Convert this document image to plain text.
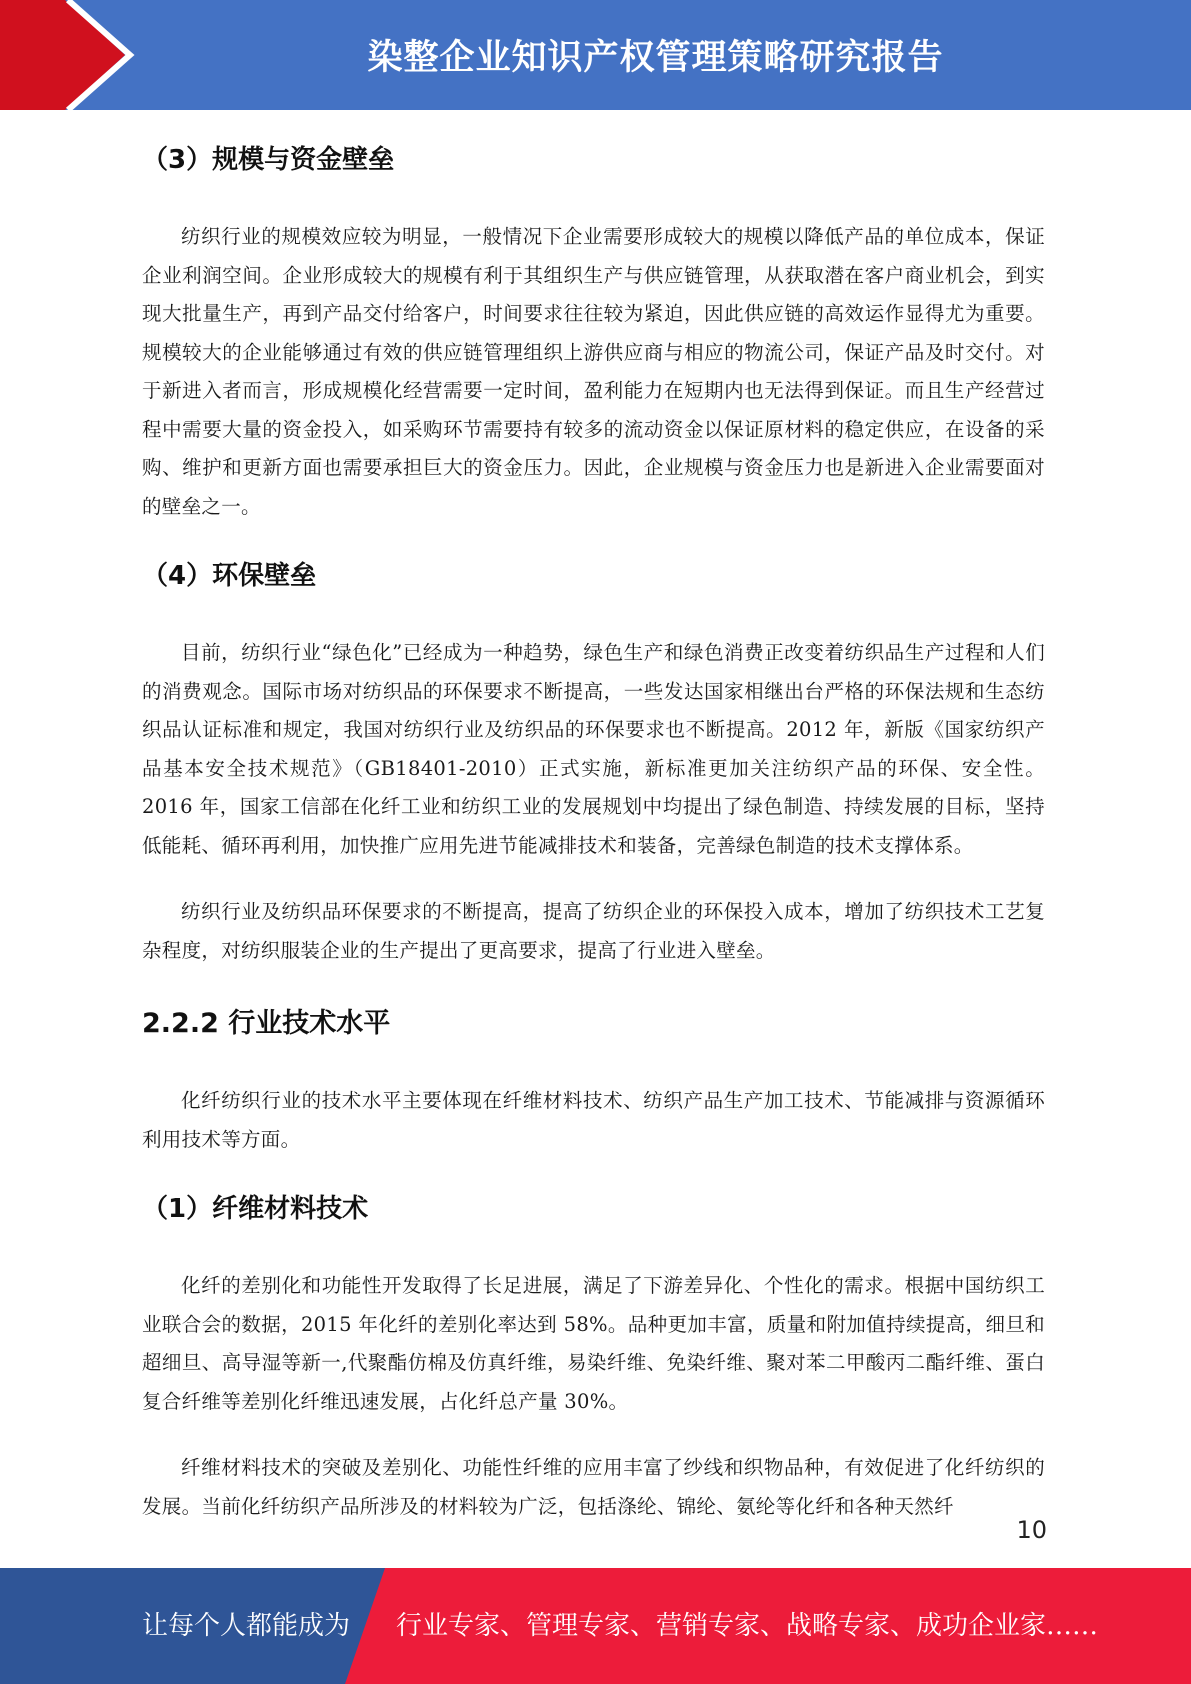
染整企业知识产权管理策略研究报告
（3）规模与资金壁垒

纺织行业的规模效应较为明显，一般情况下企业需要形成较大的规模以降低产品的单位成本，保证企业利润空间。企业形成较大的规模有利于其组织生产与供应链管理，从获取潜在客户商业机会，到实现大批量生产，再到产品交付给客户，时间要求往往较为紧迫，因此供应链的高效运作显得尤为重要。规模较大的企业能够通过有效的供应链管理组织上游供应商与相应的物流公司，保证产品及时交付。对于新进入者而言，形成规模化经营需要一定时间，盈利能力在短期内也无法得到保证。而且生产经营过程中需要大量的资金投入，如采购环节需要持有较多的流动资金以保证原材料的稳定供应，在设备的采购、维护和更新方面也需要承担巨大的资金压力。因此，企业规模与资金压力也是新进入企业需要面对的壁垒之一。

（4）环保壁垒

目前，纺织行业“绿色化”已经成为一种趋势，绿色生产和绿色消费正改变着纺织品生产过程和人们的消费观念。国际市场对纺织品的环保要求不断提高，一些发达国家相继出台严格的环保法规和生态纺织品认证标准和规定，我国对纺织行业及纺织品的环保要求也不断提高。2012 年，新版《国家纺织产品基本安全技术规范》（GB18401-2010）正式实施，新标准更加关注纺织产品的环保、安全性。2016 年，国家工信部在化纤工业和纺织工业的发展规划中均提出了绿色制造、持续发展的目标，坚持低能耗、循环再利用，加快推广应用先进节能减排技术和装备，完善绿色制造的技术支撑体系。

纺织行业及纺织品环保要求的不断提高，提高了纺织企业的环保投入成本，增加了纺织技术工艺复杂程度，对纺织服装企业的生产提出了更高要求，提高了行业进入壁垒。

2.2.2 行业技术水平

化纤纺织行业的技术水平主要体现在纤维材料技术、纺织产品生产加工技术、节能减排与资源循环利用技术等方面。

（1）纤维材料技术

化纤的差别化和功能性开发取得了长足进展，满足了下游差异化、个性化的需求。根据中国纺织工业联合会的数据，2015 年化纤的差别化率达到 58%。品种更加丰富，质量和附加值持续提高，细旦和超细旦、高导湿等新一,代聚酯仿棉及仿真纤维，易染纤维、免染纤维、聚对苯二甲酸丙二酯纤维、蛋白复合纤维等差别化纤维迅速发展，占化纤总产量 30%。

纤维材料技术的突破及差别化、功能性纤维的应用丰富了纱线和织物品种，有效促进了化纤纺织的发展。当前化纤纺织产品所涉及的材料较为广泛，包括涤纶、锦纶、氨纶等化纤和各种天然纤

10
让每个人都能成为 行业专家、管理专家、营销专家、战略专家、成功企业家……
